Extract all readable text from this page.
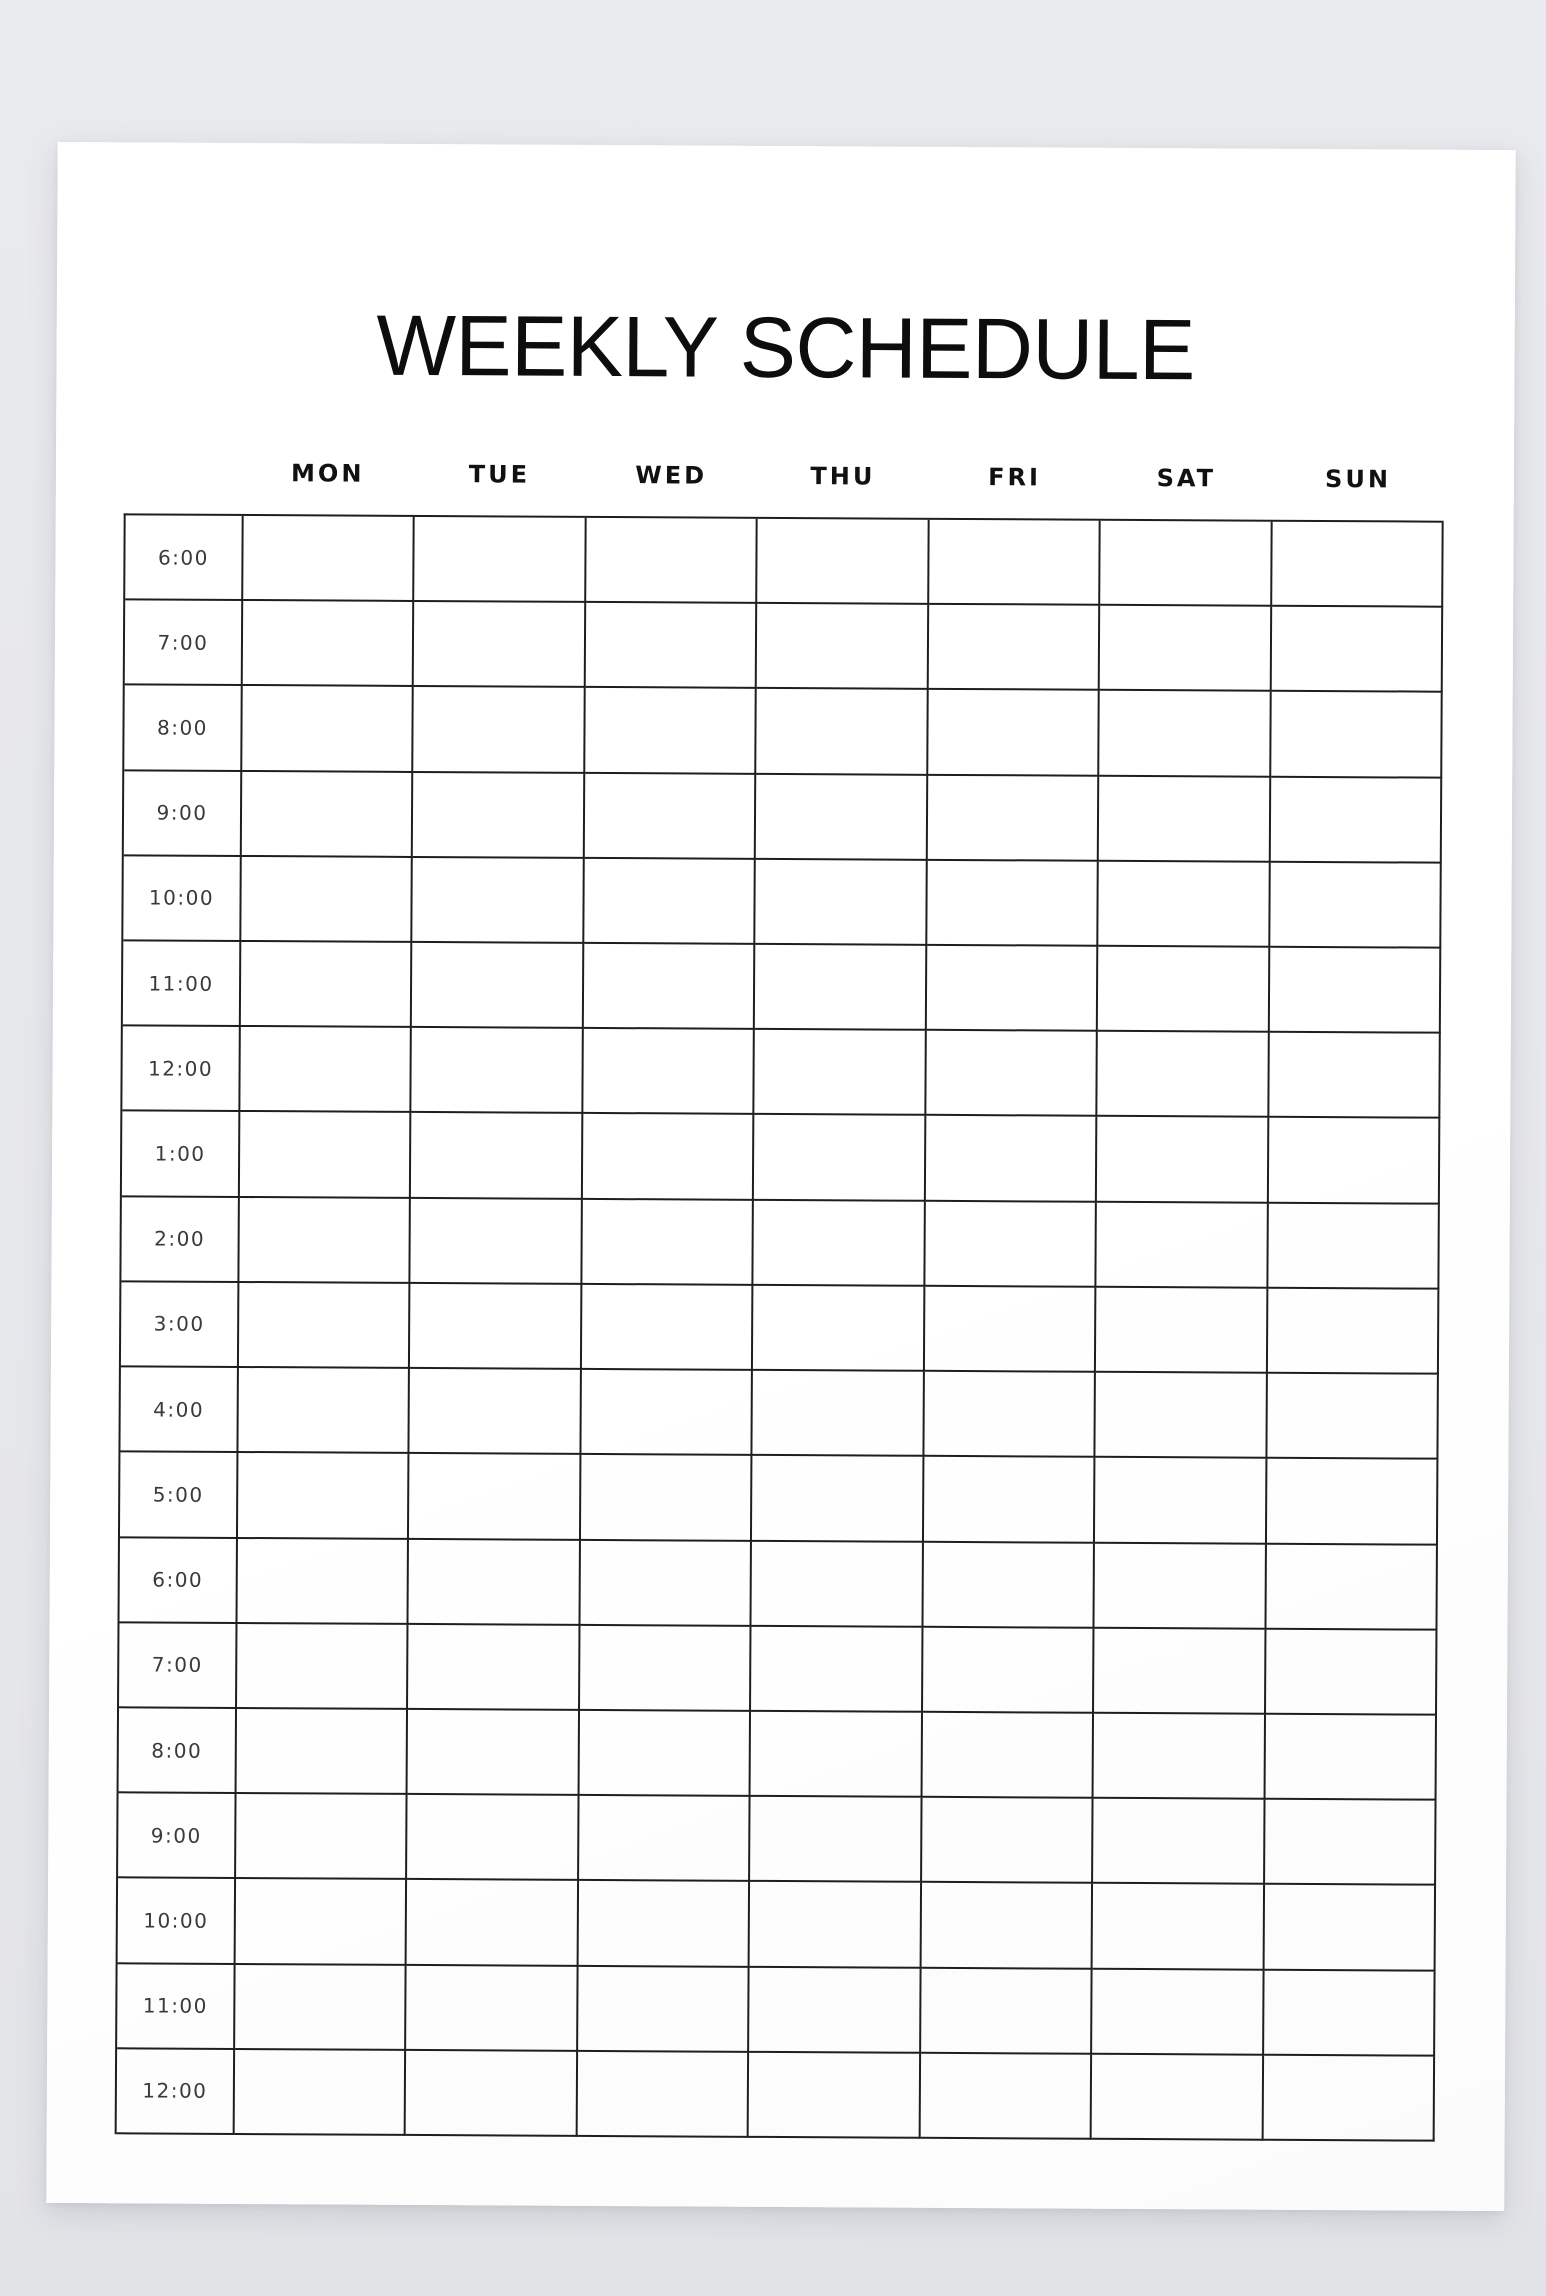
WEEKLY SCHEDULE
MON	TUE	WED	THU	FRI	SAT	SUN
6:00
7:00
8:00
9:00
10:00
11:00
12:00
1:00
2:00
3:00
4:00
5:00
6:00
7:00
8:00
9:00
10:00
11:00
12:00
